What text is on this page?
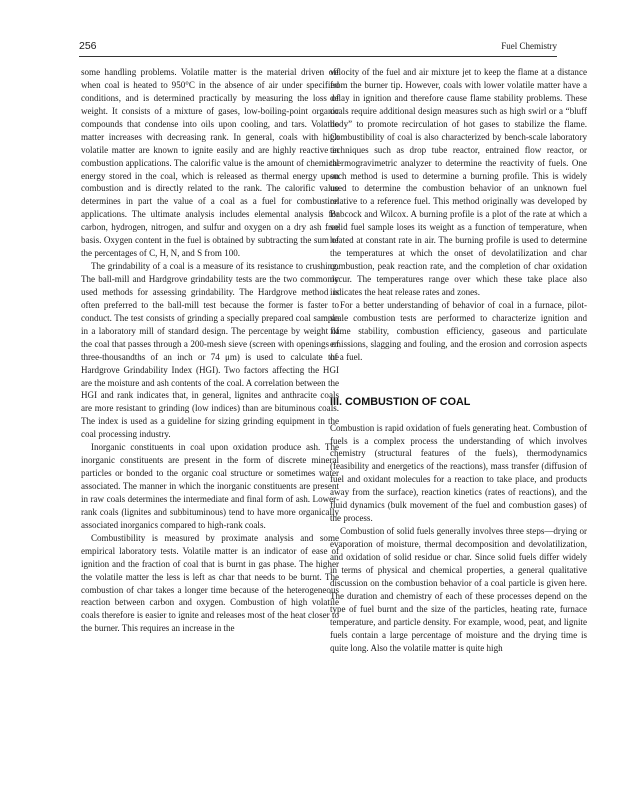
256	Fuel Chemistry

some handling problems. Volatile matter is the material driven off when coal is heated to 950°C in the absence of air under specified conditions, and is determined practically by measuring the loss of weight. It consists of a mixture of gases, low-boiling-point organic compounds that condense into oils upon cooling, and tars. Volatile matter increases with decreasing rank. In general, coals with high volatile matter are known to ignite easily and are highly reactive in combustion applications. The calorific value is the amount of chemical energy stored in the coal, which is released as thermal energy upon combustion and is directly related to the rank. The calorific value determines in part the value of a coal as a fuel for combustion applications. The ultimate analysis includes elemental analysis for carbon, hydrogen, nitrogen, and sulfur and oxygen on a dry ash free basis. Oxygen content in the fuel is obtained by subtracting the sum of the percentages of C, H, N, and S from 100.

The grindability of a coal is a measure of its resistance to crushing. The ball-mill and Hardgrove grindability tests are the two commonly used methods for assessing grindability. The Hardgrove method is often preferred to the ball-mill test because the former is faster to conduct. The test consists of grinding a specially prepared coal sample in a laboratory mill of standard design. The percentage by weight of the coal that passes through a 200-mesh sieve (screen with openings of three-thousandths of an inch or 74 μm) is used to calculate the Hardgrove Grindability Index (HGI). Two factors affecting the HGI are the moisture and ash contents of the coal. A correlation between the HGI and rank indicates that, in general, lignites and anthracite coals are more resistant to grinding (low indices) than are bituminous coals. The index is used as a guideline for sizing grinding equipment in the coal processing industry.

Inorganic constituents in coal upon oxidation produce ash. The inorganic constituents are present in the form of discrete mineral particles or bonded to the organic coal structure or sometimes water associated. The manner in which the inorganic constituents are present in raw coals determines the intermediate and final form of ash. Lower-rank coals (lignites and subbituminous) tend to have more organically associated inorganics compared to high-rank coals.

Combustibility is measured by proximate analysis and some empirical laboratory tests. Volatile matter is an indicator of ease of ignition and the fraction of coal that is burnt in gas phase. The higher the volatile matter the less is left as char that needs to be burnt. The combustion of char takes a longer time because of the heterogeneous reaction between carbon and oxygen. Combustion of high volatile coals therefore is easier to ignite and releases most of the heat closer to the burner. This requires an increase in the

velocity of the fuel and air mixture jet to keep the flame at a distance from the burner tip. However, coals with lower volatile matter have a delay in ignition and therefore cause flame stability problems. These coals require additional design measures such as high swirl or a “bluff body” to promote recirculation of hot gases to stabilize the flame. Combustibility of coal is also characterized by bench-scale laboratory techniques such as drop tube reactor, entrained flow reactor, or thermogravimetric analyzer to determine the reactivity of fuels. One such method is used to determine a burning profile. This is widely used to determine the combustion behavior of an unknown fuel relative to a reference fuel. This method originally was developed by Babcock and Wilcox. A burning profile is a plot of the rate at which a solid fuel sample loses its weight as a function of temperature, when heated at constant rate in air. The burning profile is used to determine the temperatures at which the onset of devolatilization and char combustion, peak reaction rate, and the completion of char oxidation occur. The temperatures range over which these take place also indicates the heat release rates and zones.

For a better understanding of behavior of coal in a furnace, pilot-scale combustion tests are performed to characterize ignition and flame stability, combustion efficiency, gaseous and particulate emissions, slagging and fouling, and the erosion and corrosion aspects of a fuel.

III. COMBUSTION OF COAL

Combustion is rapid oxidation of fuels generating heat. Combustion of fuels is a complex process the understanding of which involves chemistry (structural features of the fuels), thermodynamics (feasibility and energetics of the reactions), mass transfer (diffusion of fuel and oxidant molecules for a reaction to take place, and products away from the surface), reaction kinetics (rates of reactions), and the fluid dynamics (bulk movement of the fuel and combustion gases) of the process.

Combustion of solid fuels generally involves three steps—drying or evaporation of moisture, thermal decomposition and devolatilization, and oxidation of solid residue or char. Since solid fuels differ widely in terms of physical and chemical properties, a general qualitative discussion on the combustion behavior of a coal particle is given here. The duration and chemistry of each of these processes depend on the type of fuel burnt and the size of the particles, heating rate, furnace temperature, and particle density. For example, wood, peat, and lignite fuels contain a large percentage of moisture and the drying time is quite long. Also the volatile matter is quite high
